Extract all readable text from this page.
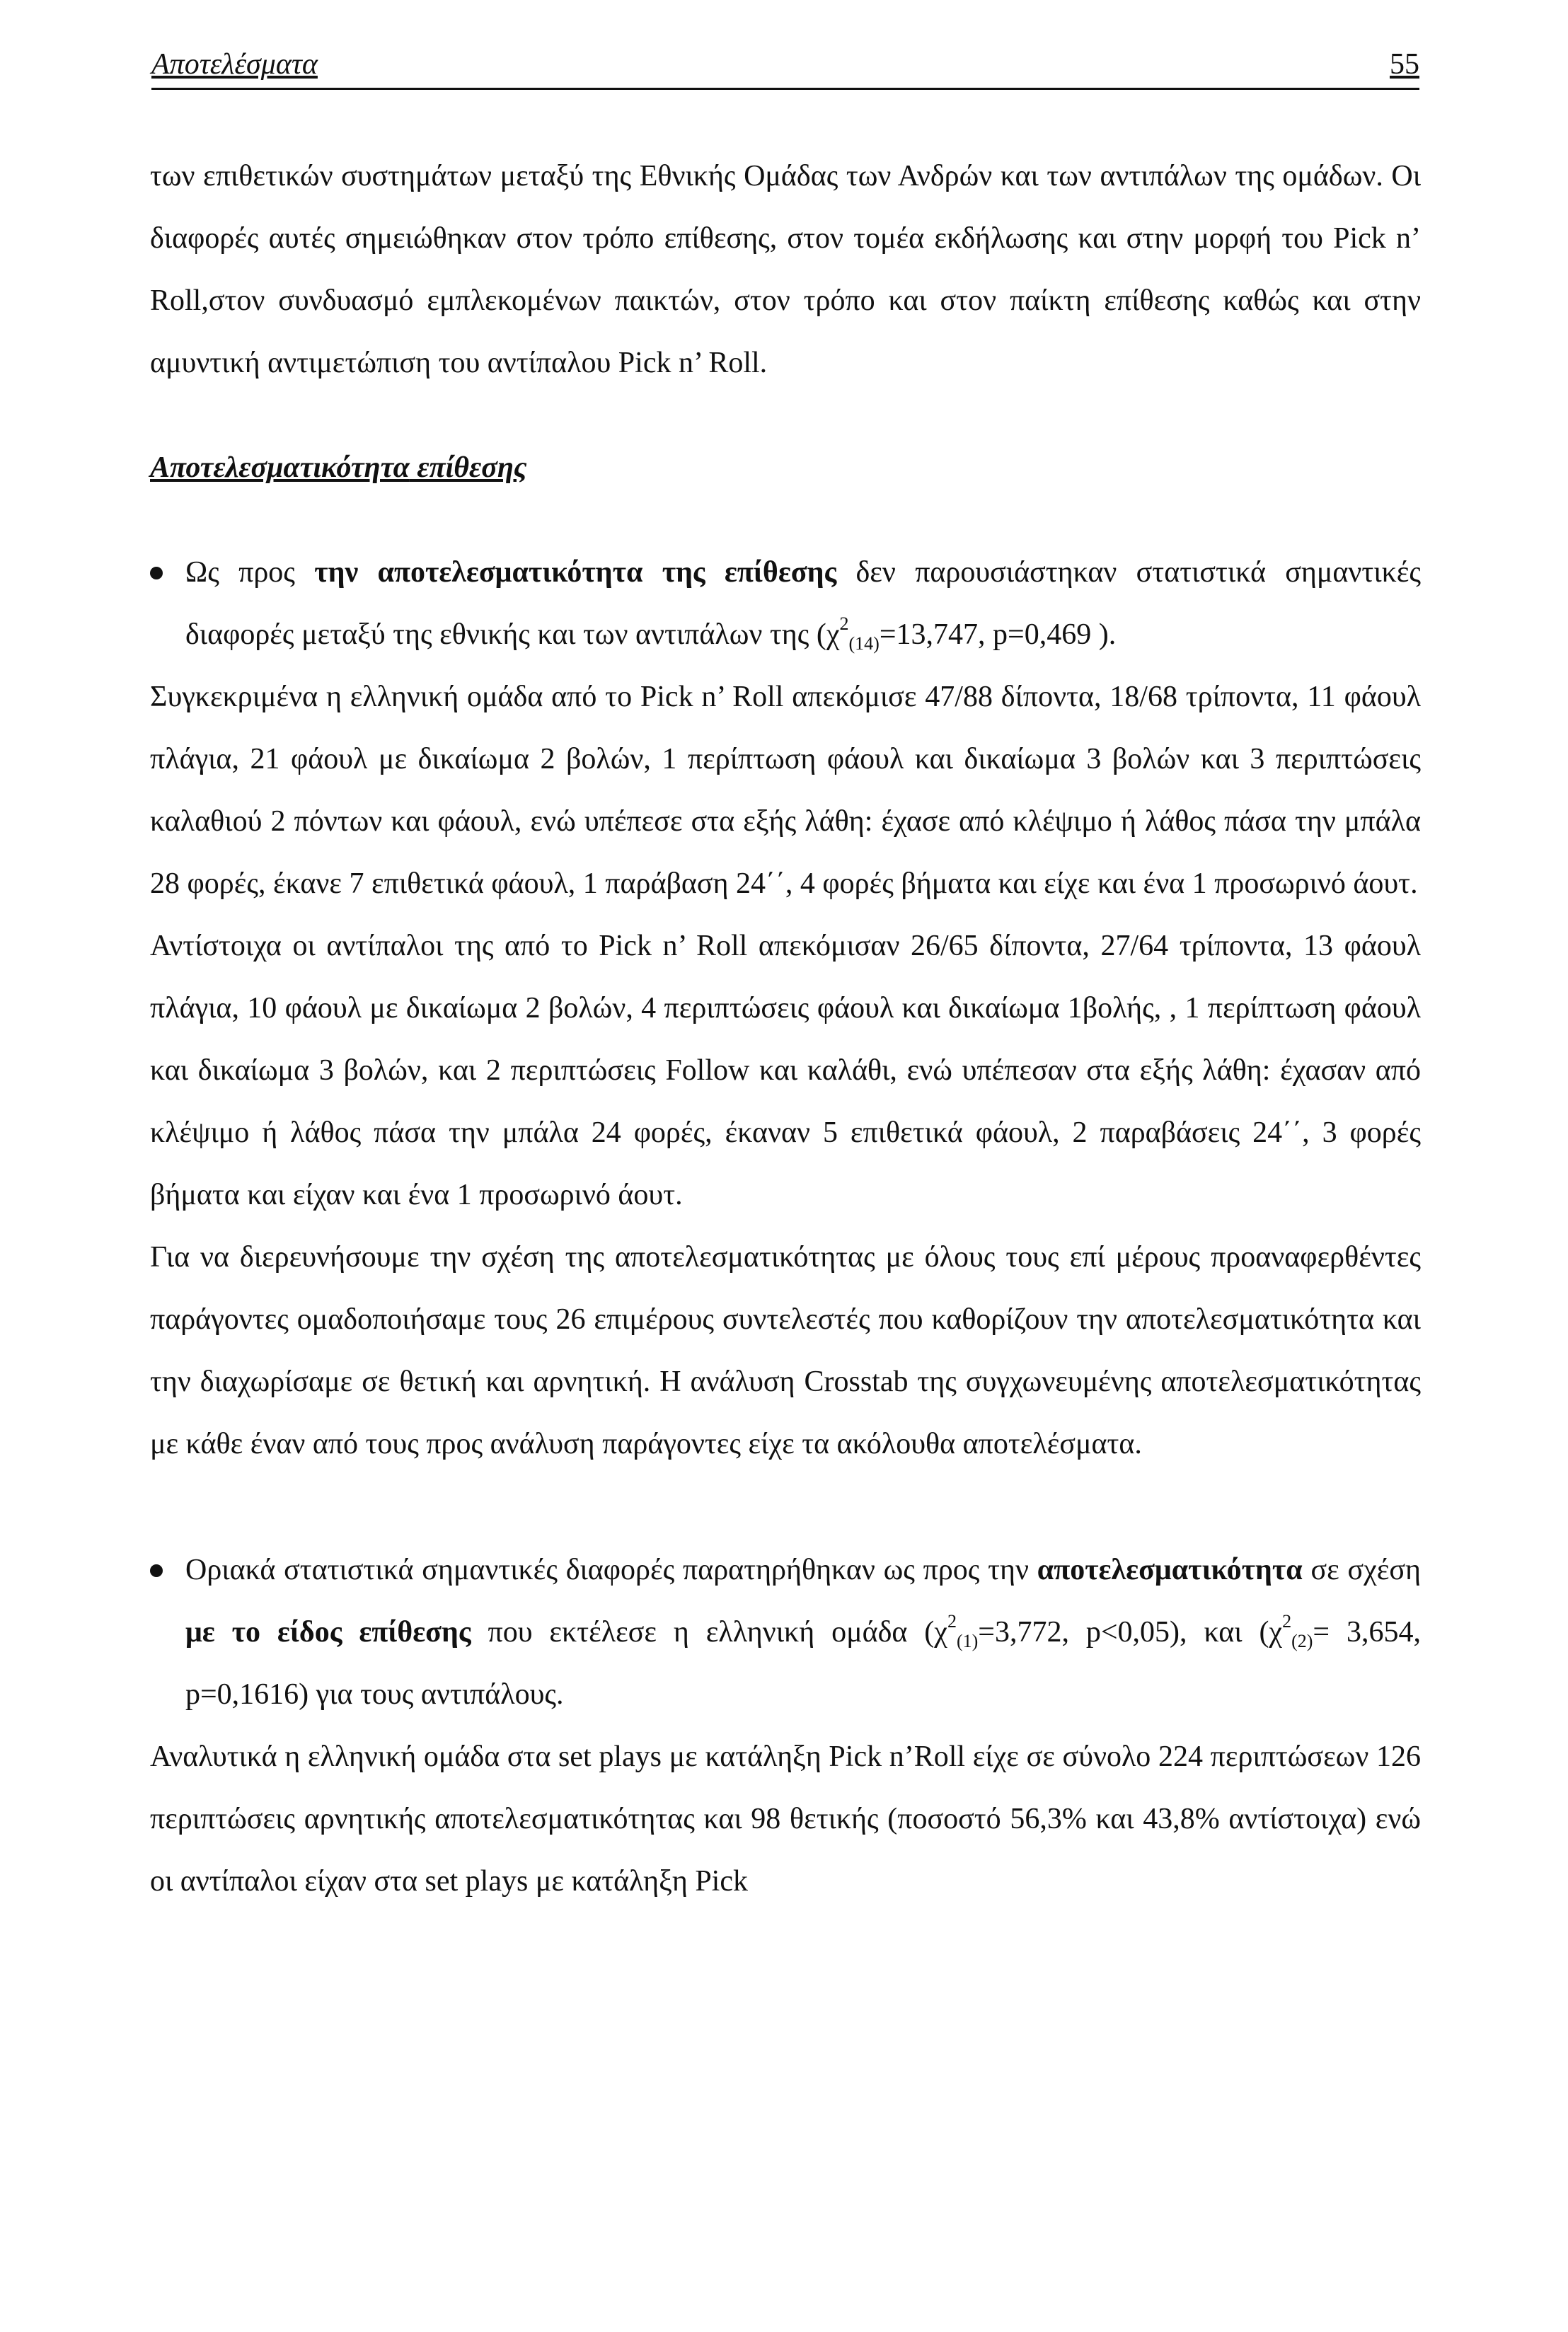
Αποτελέσματα	55

των επιθετικών συστημάτων μεταξύ της Εθνικής Ομάδας των Ανδρών και των αντιπάλων της ομάδων. Οι διαφορές αυτές σημειώθηκαν στον τρόπο επίθεσης, στον τομέα εκδήλωσης και στην μορφή του Pick n’ Roll,στον συνδυασμό εμπλεκομένων παικτών, στον τρόπο και στον παίκτη επίθεσης καθώς και στην αμυντική αντιμετώπιση του αντίπαλου Pick n’ Roll.

Αποτελεσματικότητα επίθεσης

Ως προς την αποτελεσματικότητα της επίθεσης δεν παρουσιάστηκαν στατιστικά σημαντικές διαφορές μεταξύ της εθνικής και των αντιπάλων της ($\chi^2_{(14)}=13,747$, p=0,469 ).

Συγκεκριμένα η ελληνική ομάδα από το Pick n’ Roll απεκόμισε 47/88 δίποντα, 18/68 τρίποντα, 11 φάουλ πλάγια, 21 φάουλ με δικαίωμα 2 βολών, 1 περίπτωση φάουλ και δικαίωμα 3 βολών και 3 περιπτώσεις καλαθιού 2 πόντων και φάουλ, ενώ υπέπεσε στα εξής λάθη: έχασε από κλέψιμο ή λάθος πάσα την μπάλα 28 φορές, έκανε 7 επιθετικά φάουλ, 1 παράβαση 24΄΄, 4 φορές βήματα και είχε και ένα 1 προσωρινό άουτ.

Αντίστοιχα οι αντίπαλοι της από το Pick n’ Roll απεκόμισαν 26/65 δίποντα, 27/64 τρίποντα, 13 φάουλ πλάγια, 10 φάουλ με δικαίωμα 2 βολών, 4 περιπτώσεις φάουλ και δικαίωμα 1βολής, , 1 περίπτωση φάουλ και δικαίωμα 3 βολών, και 2 περιπτώσεις Follow και καλάθι, ενώ υπέπεσαν στα εξής λάθη: έχασαν από κλέψιμο ή λάθος πάσα την μπάλα 24 φορές, έκαναν 5 επιθετικά φάουλ, 2 παραβάσεις 24΄΄, 3 φορές βήματα και είχαν και ένα 1 προσωρινό άουτ.

Για να διερευνήσουμε την σχέση της αποτελεσματικότητας με όλους τους επί μέρους προαναφερθέντες παράγοντες ομαδοποιήσαμε τους 26 επιμέρους συντελεστές που καθορίζουν την αποτελεσματικότητα και την διαχωρίσαμε σε θετική και αρνητική. Η ανάλυση Crosstab της συγχωνευμένης αποτελεσματικότητας με κάθε έναν από τους προς ανάλυση παράγοντες είχε τα ακόλουθα αποτελέσματα.

Οριακά στατιστικά σημαντικές διαφορές παρατηρήθηκαν ως προς την αποτελεσματικότητα σε σχέση με το είδος επίθεσης που εκτέλεσε η ελληνική ομάδα ($\chi^2_{(1)}=3,772$, p<0,05), και ($\chi^2_{(2)}= 3,654$, p=0,1616) για τους αντιπάλους.

Αναλυτικά η ελληνική ομάδα στα set plays με κατάληξη Pick n’Roll είχε σε σύνολο 224 περιπτώσεων 126 περιπτώσεις αρνητικής αποτελεσματικότητας και 98 θετικής (ποσοστό 56,3% και 43,8% αντίστοιχα) ενώ οι αντίπαλοι είχαν στα set plays με κατάληξη Pick
